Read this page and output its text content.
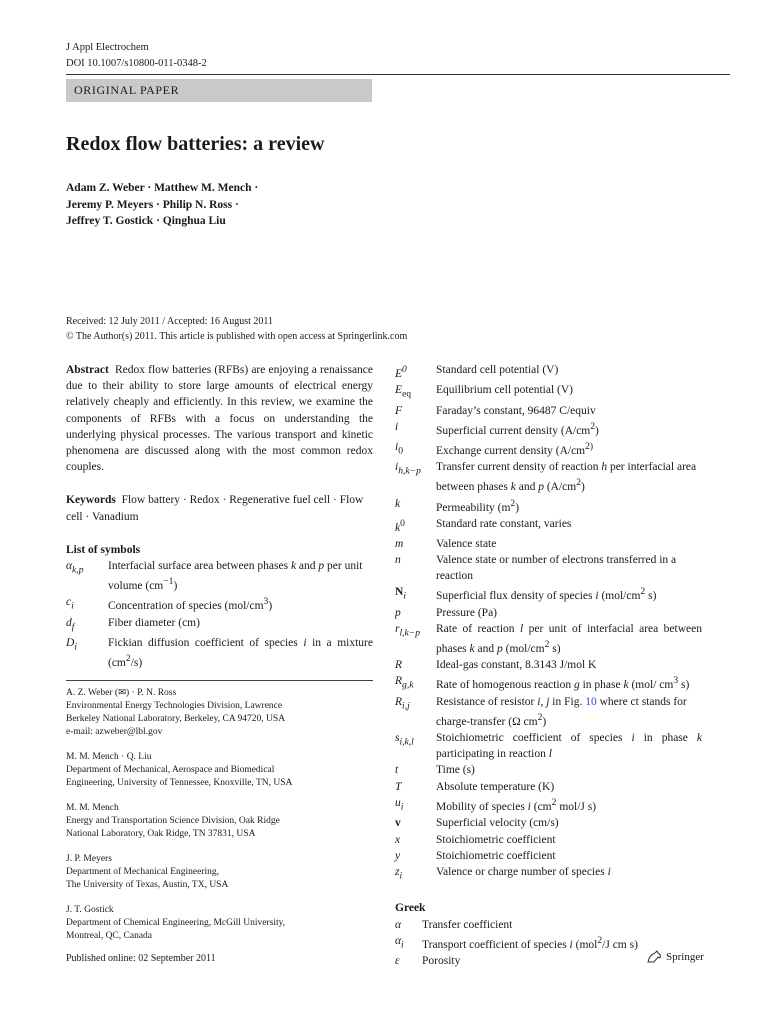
J Appl Electrochem
DOI 10.1007/s10800-011-0348-2
ORIGINAL PAPER
Redox flow batteries: a review
Adam Z. Weber · Matthew M. Mench ·
Jeremy P. Meyers · Philip N. Ross ·
Jeffrey T. Gostick · Qinghua Liu
Received: 12 July 2011 / Accepted: 16 August 2011
© The Author(s) 2011. This article is published with open access at Springerlink.com
Abstract Redox flow batteries (RFBs) are enjoying a renaissance due to their ability to store large amounts of electrical energy relatively cheaply and efficiently. In this review, we examine the components of RFBs with a focus on understanding the underlying physical processes. The various transport and kinetic phenomena are discussed along with the most common redox couples.
Keywords Flow battery · Redox · Regenerative fuel cell · Flow cell · Vanadium
List of symbols
$\alpha_{k,p}$	Interfacial surface area between phases k and p per unit volume $(cm^{-1})$
$c_i$	Concentration of species $(mol/cm^3)$
$d_f$	Fiber diameter (cm)
$D_i$	Fickian diffusion coefficient of species i in a mixture $(cm^2/s)$
A. Z. Weber (✉) · P. N. Ross
Environmental Energy Technologies Division, Lawrence
Berkeley National Laboratory, Berkeley, CA 94720, USA
e-mail: azweber@lbl.gov
M. M. Mench · Q. Liu
Department of Mechanical, Aerospace and Biomedical
Engineering, University of Tennessee, Knoxville, TN, USA
M. M. Mench
Energy and Transportation Science Division, Oak Ridge
National Laboratory, Oak Ridge, TN 37831, USA
J. P. Meyers
Department of Mechanical Engineering,
The University of Texas, Austin, TX, USA
J. T. Gostick
Department of Chemical Engineering, McGill University,
Montreal, QC, Canada
$E^0$	Standard cell potential (V)
$E_{eq}$	Equilibrium cell potential (V)
F	Faraday’s constant, 96487 C/equiv
i	Superficial current density $(A/cm^2)$
$i_0$	Exchange current density ($A/cm^{2)}$
$i_{h,k-p}$	Transfer current density of reaction h per interfacial area between phases k and p $(A/cm^2)$
k	Permeability $(m^2)$
$k^0$	Standard rate constant, varies
m	Valence state
n	Valence state or number of electrons transferred in a reaction
$N_i$	Superficial flux density of species i ($mol/cm^2$ s)
p	Pressure (Pa)
$r_{l,k-p}$	Rate of reaction l per unit of interfacial area between phases k and p ($mol/cm^2$ s)
R	Ideal-gas constant, 8.3143 J/mol K
$R_{g,k}$	Rate of homogenous reaction g in phase k (mol/ $cm^3$ s)
$R_{i,j}$	Resistance of resistor i, j in Fig. 10 where ct stands for charge-transfer (Ω $cm^2$)
$s_{i,k,l}$	Stoichiometric coefficient of species i in phase k participating in reaction l
t	Time (s)
T	Absolute temperature (K)
$u_i$	Mobility of species i ($cm^2$ mol/J s)
v	Superficial velocity (cm/s)
x	Stoichiometric coefficient
y	Stoichiometric coefficient
$z_i$	Valence or charge number of species i
Greek
α	Transfer coefficient
$\alpha_i$	Transport coefficient of species i (mol$^2$/J cm s)
ε	Porosity
Published online: 02 September 2011	Springer
